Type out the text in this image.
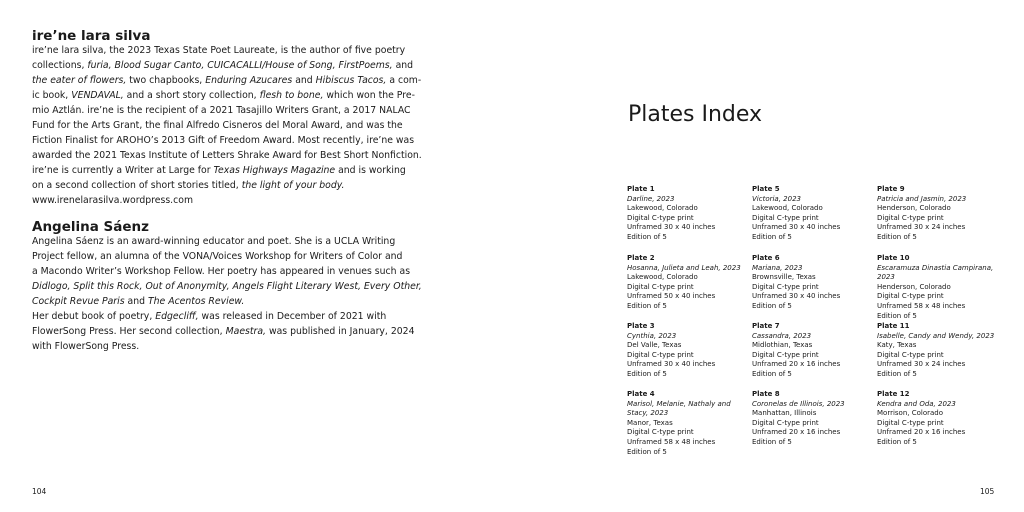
ire’ne lara silva
ire’ne lara silva, the 2023 Texas State Poet Laureate, is the author of five poetry
collections, furia, Blood Sugar Canto, CUICACALLI/House of Song, FirstPoems, and
the eater of flowers, two chapbooks, Enduring Azucares and Hibiscus Tacos, a com-
ic book, VENDAVAL, and a short story collection, flesh to bone, which won the Pre-
mio Aztlán. ire’ne is the recipient of a 2021 Tasajillo Writers Grant, a 2017 NALAC
Fund for the Arts Grant, the final Alfredo Cisneros del Moral Award, and was the
Fiction Finalist for AROHO’s 2013 Gift of Freedom Award. Most recently, ire’ne was
awarded the 2021 Texas Institute of Letters Shrake Award for Best Short Nonfiction.
ire’ne is currently a Writer at Large for Texas Highways Magazine and is working
on a second collection of short stories titled, the light of your body.
www.irenelarasilva.wordpress.com
Angelina Sáenz
Angelina Sáenz is an award-winning educator and poet. She is a UCLA Writing
Project fellow, an alumna of the VONA/Voices Workshop for Writers of Color and
a Macondo Writer’s Workshop Fellow. Her poetry has appeared in venues such as
Didlogo, Split this Rock, Out of Anonymity, Angels Flight Literary West, Every Other,
Cockpit Revue Paris and The Acentos Review.
Her debut book of poetry, Edgecliff, was released in December of 2021 with
FlowerSong Press. Her second collection, Maestra, was published in January, 2024
with FlowerSong Press.
104
Plates Index
Plate 1
Darline, 2023
Lakewood, Colorado
Digital C-type print
Unframed 30 x 40 inches
Edition of 5
Plate 2
Hosanna, Julieta and Leah, 2023
Lakewood, Colorado
Digital C-type print
Unframed 50 x 40 inches
Edition of 5
Plate 3
Cynthia, 2023
Del Valle, Texas
Digital C-type print
Unframed 30 x 40 inches
Edition of 5
Plate 4
Marisol, Melanie, Nathaly and Stacy, 2023
Manor, Texas
Digital C-type print
Unframed 58 x 48 inches
Edition of 5
Plate 5
Victoria, 2023
Lakewood, Colorado
Digital C-type print
Unframed 30 x 40 inches
Edition of 5
Plate 6
Mariana, 2023
Brownsville, Texas
Digital C-type print
Unframed 30 x 40 inches
Edition of 5
Plate 7
Cassandra, 2023
Midlothian, Texas
Digital C-type print
Unframed 20 x 16 inches
Edition of 5
Plate 8
Coronelas de Illinois, 2023
Manhattan, Illinois
Digital C-type print
Unframed 20 x 16 inches
Edition of 5
Plate 9
Patricia and Jasmin, 2023
Henderson, Colorado
Digital C-type print
Unframed 30 x 24 inches
Edition of 5
Plate 10
Escaramuza Dinastia Campirana, 2023
Henderson, Colorado
Digital C-type print
Unframed 58 x 48 inches
Edition of 5
Plate 11
Isabelle, Candy and Wendy, 2023
Katy, Texas
Digital C-type print
Unframed 30 x 24 inches
Edition of 5
Plate 12
Kendra and Oda, 2023
Morrison, Colorado
Digital C-type print
Unframed 20 x 16 inches
Edition of 5
105
